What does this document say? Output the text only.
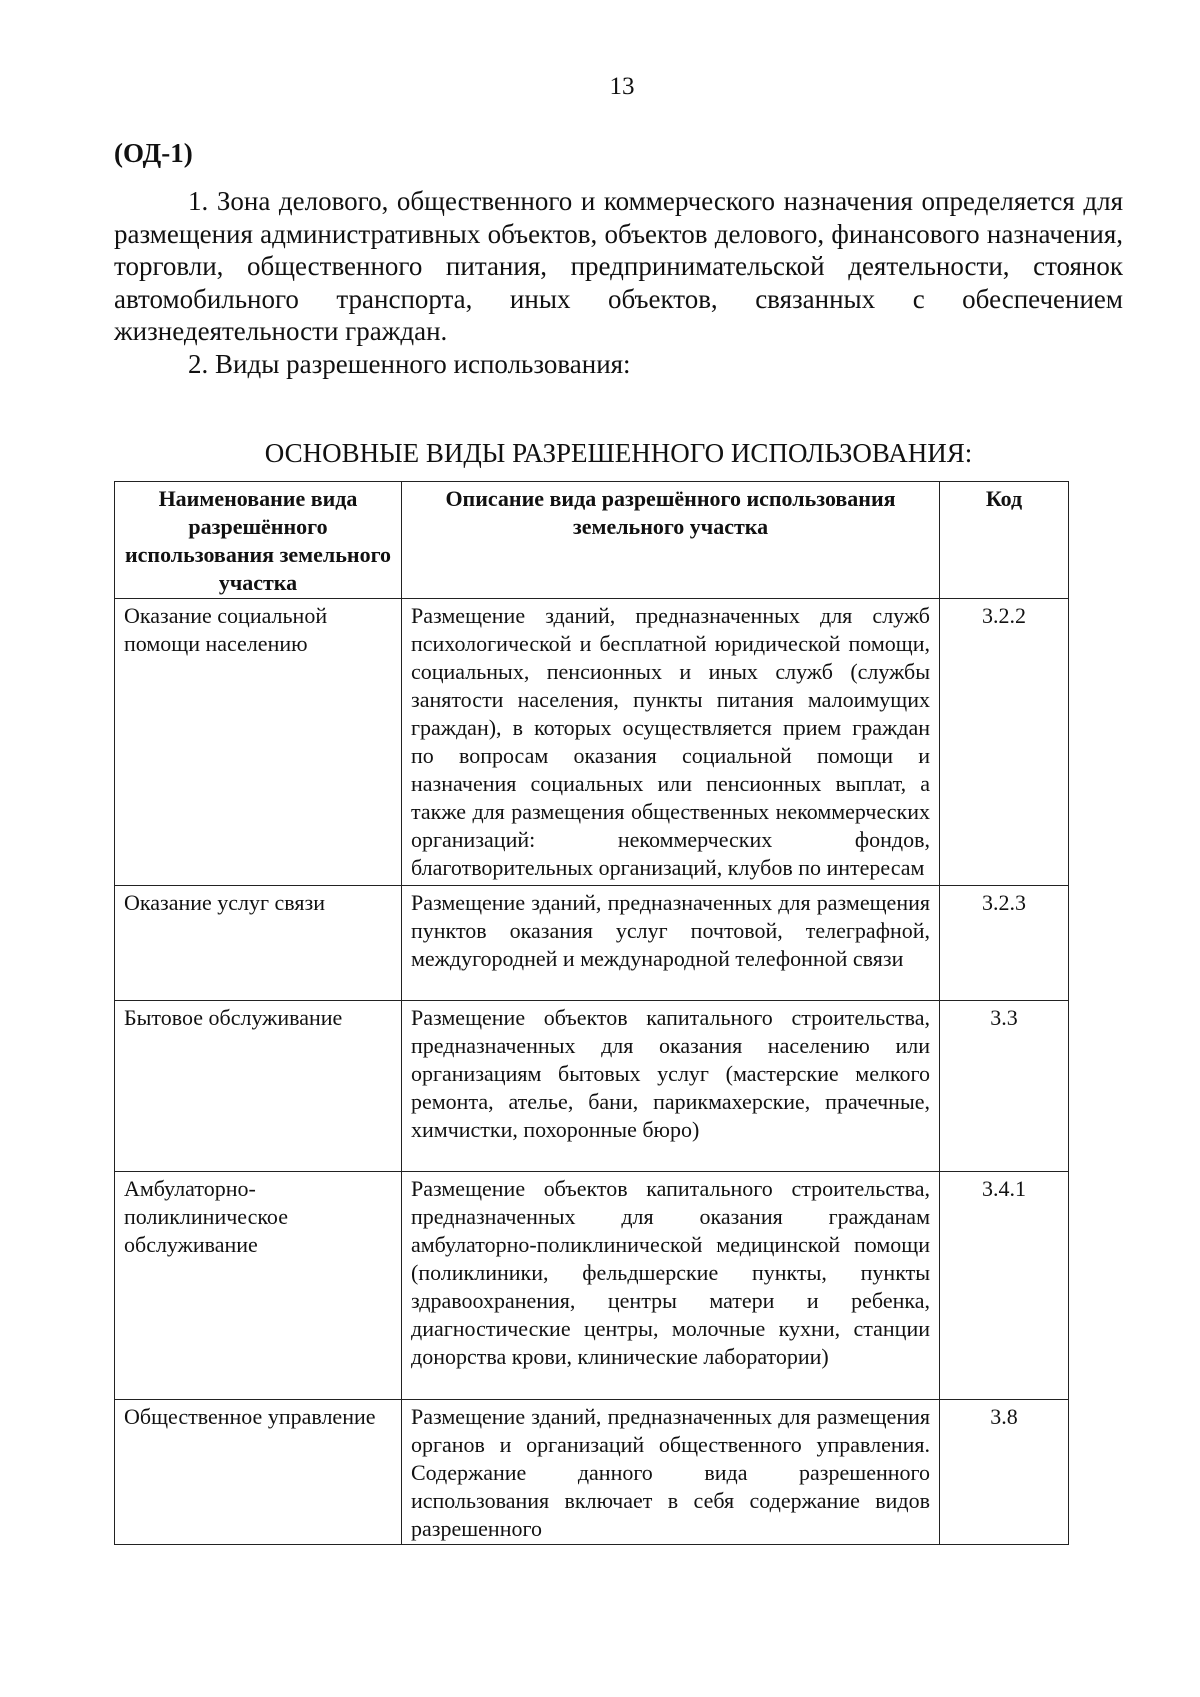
13
(ОД-1)

1. Зона делового, общественного и коммерческого назначения определяется для размещения административных объектов, объектов делового, финансового назначения, торговли, общественного питания, предпринимательской деятельности, стоянок автомобильного транспорта, иных объектов, связанных с обеспечением жизнедеятельности граждан.

2. Виды разрешенного использования:

ОСНОВНЫЕ ВИДЫ РАЗРЕШЕННОГО ИСПОЛЬЗОВАНИЯ:
Наименование вида разрешённого использования земельного участка	Описание вида разрешённого использования земельного участка	Код
Оказание социальной помощи населению	Размещение зданий, предназначенных для служб психологической и бесплатной юридической помощи, социальных, пенсионных и иных служб (службы занятости населения, пункты питания малоимущих граждан), в которых осуществляется прием граждан по вопросам оказания социальной помощи и назначения социальных или пенсионных выплат, а также для размещения общественных некоммерческих организаций: некоммерческих фондов, благотворительных организаций, клубов по интересам	3.2.2
Оказание услуг связи	Размещение зданий, предназначенных для размещения пунктов оказания услуг почтовой, телеграфной, междугородней и международной телефонной связи	3.2.3
Бытовое обслуживание	Размещение объектов капитального строительства, предназначенных для оказания населению или организациям бытовых услуг (мастерские мелкого ремонта, ателье, бани, парикмахерские, прачечные, химчистки, похоронные бюро)	3.3
Амбулаторно-поликлиническое обслуживание	Размещение объектов капитального строительства, предназначенных для оказания гражданам амбулаторно-поликлинической медицинской помощи (поликлиники, фельдшерские пункты, пункты здравоохранения, центры матери и ребенка, диагностические центры, молочные кухни, станции донорства крови, клинические лаборатории)	3.4.1
Общественное управление	Размещение зданий, предназначенных для размещения органов и организаций общественного управления. Содержание данного вида разрешенного использования включает в себя содержание видов разрешенного	3.8
